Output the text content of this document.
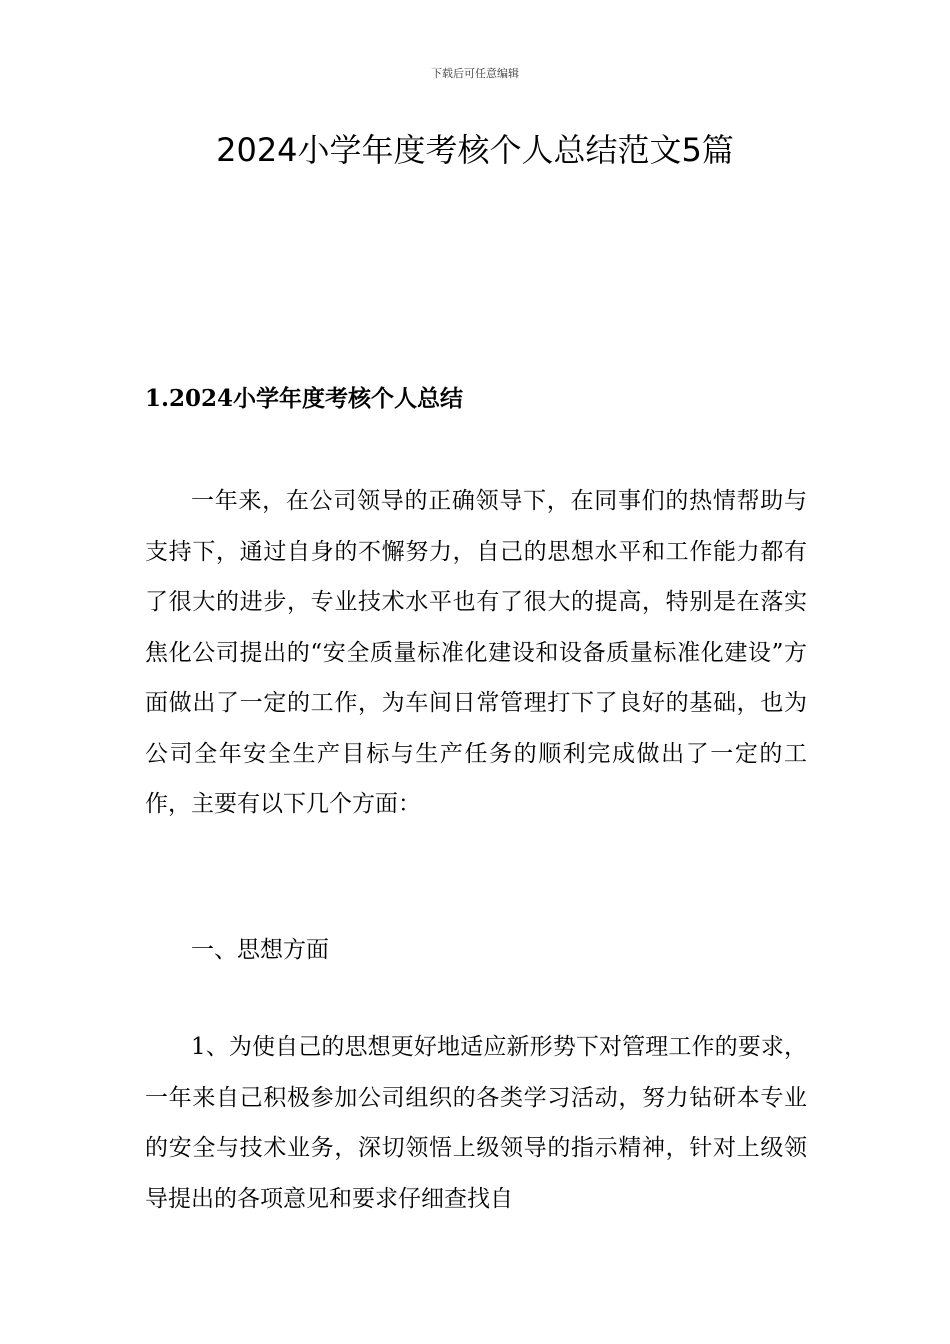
下载后可任意编辑
2024小学年度考核个人总结范文5篇
1.2024小学年度考核个人总结

一年来，在公司领导的正确领导下，在同事们的热情帮助与支持下，通过自身的不懈努力，自己的思想水平和工作能力都有了很大的进步，专业技术水平也有了很大的提高，特别是在落实焦化公司提出的“安全质量标准化建设和设备质量标准化建设”方面做出了一定的工作，为车间日常管理打下了良好的基础，也为公司全年安全生产目标与生产任务的顺利完成做出了一定的工作，主要有以下几个方面：

一、思想方面

1、为使自己的思想更好地适应新形势下对管理工作的要求，一年来自己积极参加公司组织的各类学习活动，努力钻研本专业的安全与技术业务，深切领悟上级领导的指示精神，针对上级领导提出的各项意见和要求仔细查找自
